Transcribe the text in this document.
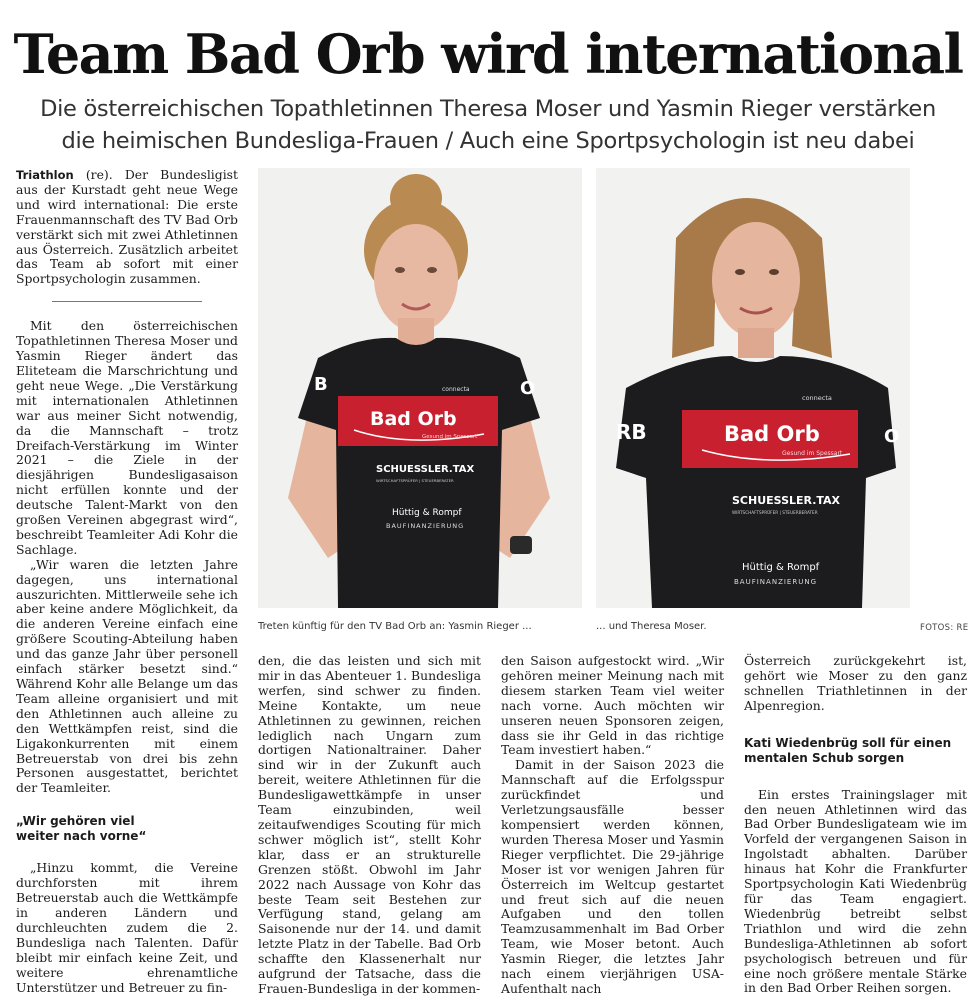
Team Bad Orb wird international
Die österreichischen Topathletinnen Theresa Moser und Yasmin Rieger verstärken die heimischen Bundesliga-Frauen / Auch eine Sportpsychologin ist neu dabei

Triathlon (re). Der Bundesligist aus der Kurstadt geht neue Wege und wird international: Die erste Frauenmannschaft des TV Bad Orb verstärkt sich mit zwei Athletinnen aus Österreich. Zusätzlich arbeitet das Team ab sofort mit einer Sportpsychologin zusammen.

Mit den österreichischen Topathletinnen Theresa Moser und Yasmin Rieger ändert das Eliteteam die Marschrichtung und geht neue Wege. „Die Verstärkung mit internationalen Athletinnen war aus meiner Sicht notwendig, da die Mannschaft – trotz Dreifach-Verstärkung im Winter 2021 – die Ziele in der diesjährigen Bundesligasaison nicht erfüllen konnte und der deutsche Talent-Markt von den großen Vereinen abgegrast wird“, beschreibt Teamleiter Adi Kohr die Sachlage.

„Wir waren die letzten Jahre dagegen, uns international auszurichten. Mittlerweile sehe ich aber keine andere Möglichkeit, da die anderen Vereine einfach eine größere Scouting-Abteilung haben und das ganze Jahr über personell einfach stärker besetzt sind.“ Während Kohr alle Belange um das Team alleine organisiert und mit den Athletinnen auch alleine zu den Wettkämpfen reist, sind die Ligakonkurrenten mit einem Betreuerstab von drei bis zehn Personen ausgestattet, berichtet der Teamleiter.

„Wir gehören viel weiter nach vorne“

„Hinzu kommt, die Vereine durchforsten mit ihrem Betreuerstab auch die Wettkämpfe in anderen Ländern und durchleuchten zudem die 2. Bundesliga nach Talenten. Dafür bleibt mir einfach keine Zeit, und weitere ehrenamtliche Unterstützer und Betreuer zu fin-

den, die das leisten und sich mit mir in das Abenteuer 1. Bundesliga werfen, sind schwer zu finden. Meine Kontakte, um neue Athletinnen zu gewinnen, reichen lediglich nach Ungarn zum dortigen Nationaltrainer. Daher sind wir in der Zukunft auch bereit, weitere Athletinnen für die Bundesligawettkämpfe in unser Team einzubinden, weil zeitaufwendiges Scouting für mich schwer möglich ist“, stellt Kohr klar, dass er an strukturelle Grenzen stößt. Obwohl im Jahr 2022 nach Aussage von Kohr das beste Team seit Bestehen zur Verfügung stand, gelang am Saisonende nur der 14. und damit letzte Platz in der Tabelle. Bad Orb schaffte den Klassenerhalt nur aufgrund der Tatsache, dass die Frauen-Bundesliga in der kommen-

den Saison aufgestockt wird. „Wir gehören meiner Meinung nach mit diesem starken Team viel weiter nach vorne. Auch möchten wir unseren neuen Sponsoren zeigen, dass sie ihr Geld in das richtige Team investiert haben.“

Damit in der Saison 2023 die Mannschaft auf die Erfolgsspur zurückfindet und Verletzungsausfälle besser kompensiert werden können, wurden Theresa Moser und Yasmin Rieger verpflichtet. Die 29-jährige Moser ist vor wenigen Jahren für Österreich im Weltcup gestartet und freut sich auf die neuen Aufgaben und den tollen Teamzusammenhalt im Bad Orber Team, wie Moser betont. Auch Yasmin Rieger, die letztes Jahr nach einem vierjährigen USA-Aufenthalt nach

Österreich zurückgekehrt ist, gehört wie Moser zu den ganz schnellen Triathletinnen in der Alpenregion.

Kati Wiedenbrüg soll für einen mentalen Schub sorgen

Ein erstes Trainingslager mit den neuen Athletinnen wird das Bad Orber Bundesligateam wie im Vorfeld der vergangenen Saison in Ingolstadt abhalten. Darüber hinaus hat Kohr die Frankfurter Sportpsychologin Kati Wiedenbrüg für das Team engagiert. Wiedenbrüg betreibt selbst Triathlon und wird die zehn Bundesliga-Athletinnen ab sofort psychologisch betreuen und für eine noch größere mentale Stärke in den Bad Orber Reihen sorgen.

Bad Orb
Gesund im Spessart
connecta
SCHUESSLER.TAX
WIRTSCHAFTSPRÜFER | STEUERBERATER
Hüttig & Rompf
BAUFINANZIERUNG
B	O
Bad Orb
Gesund im Spessart
connecta
SCHUESSLER.TAX
WIRTSCHAFTSPRÜFER | STEUERBERATER
Hüttig & Rompf
BAUFINANZIERUNG
RB	O
Treten künftig für den TV Bad Orb an: Yasmin Rieger ...	... und Theresa Moser.	FOTOS: RE
